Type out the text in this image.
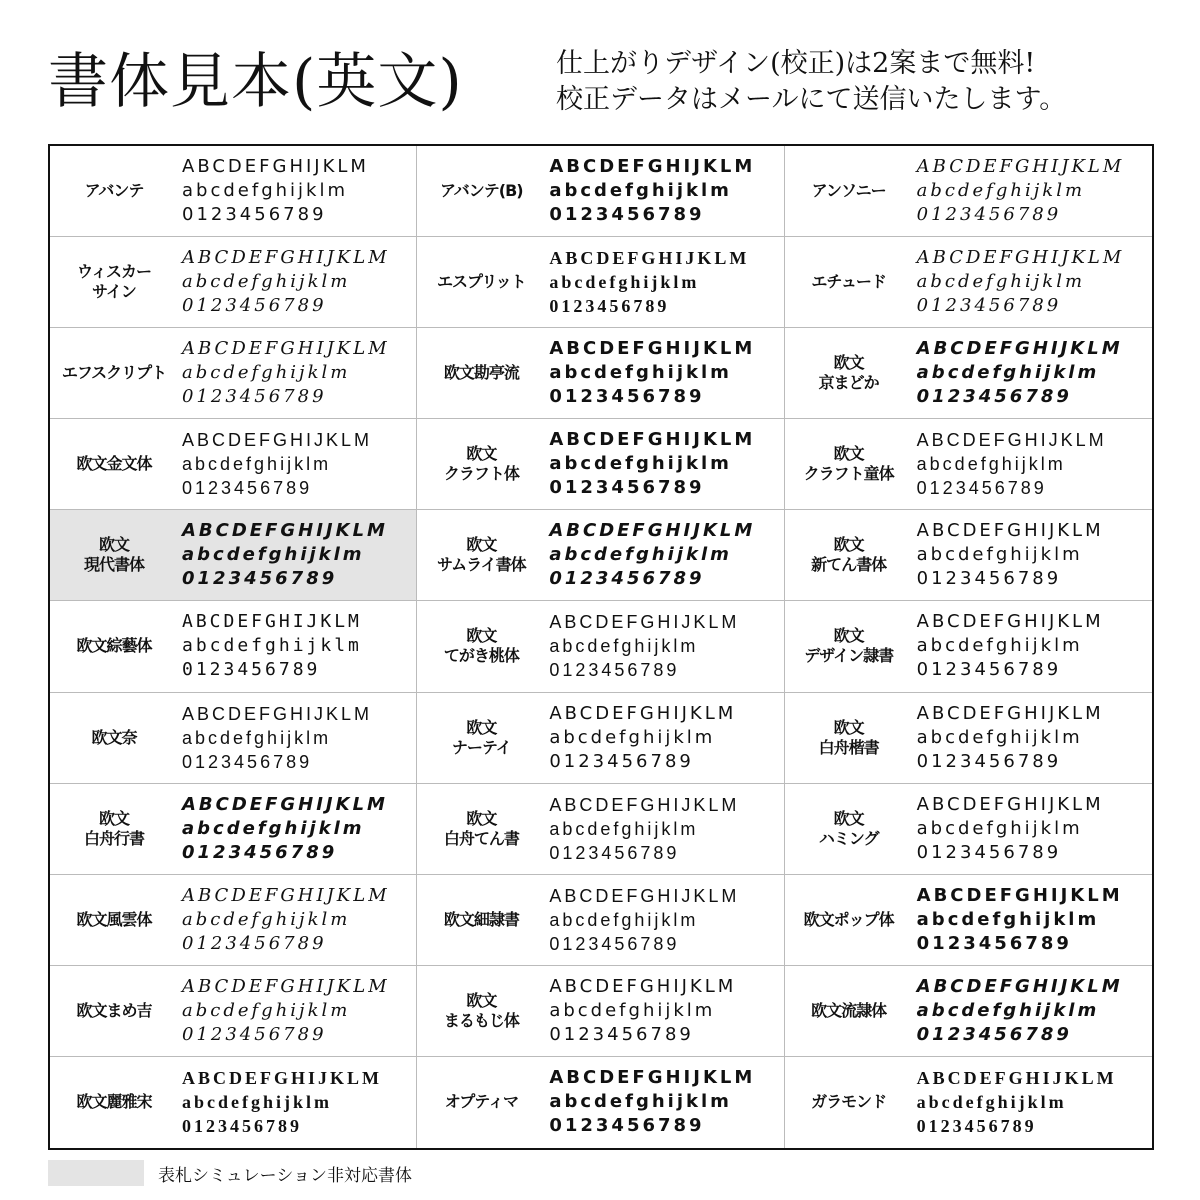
書体見本(英文)	仕上がりデザイン(校正)は2案まで無料!
校正データはメールにて送信いたします。
アバンテ
ABCDEFGHIJKLM
abcdefghijklm
0123456789
アバンテ(B)
ABCDEFGHIJKLM
abcdefghijklm
0123456789
アンソニー
ABCDEFGHIJKLM
abcdefghijklm
0123456789
ウィスカー
サイン
ABCDEFGHIJKLM
abcdefghijklm
0123456789
エスプリット
ABCDEFGHIJKLM
abcdefghijklm
0123456789
エチュード
ABCDEFGHIJKLM
abcdefghijklm
0123456789
エフスクリプト
ABCDEFGHIJKLM
abcdefghijklm
0123456789
欧文勘亭流
ABCDEFGHIJKLM
abcdefghijklm
0123456789
欧文
京まどか
ABCDEFGHIJKLM
abcdefghijklm
0123456789
欧文金文体
ABCDEFGHIJKLM
abcdefghijklm
0123456789
欧文
クラフト体
ABCDEFGHIJKLM
abcdefghijklm
0123456789
欧文
クラフト童体
ABCDEFGHIJKLM
abcdefghijklm
0123456789
欧文
現代書体
ABCDEFGHIJKLM
abcdefghijklm
0123456789
欧文
サムライ書体
ABCDEFGHIJKLM
abcdefghijklm
0123456789
欧文
新てん書体
ABCDEFGHIJKLM
abcdefghijklm
0123456789
欧文綜藝体
ABCDEFGHIJKLM
abcdefghijklm
0123456789
欧文
てがき桃体
ABCDEFGHIJKLM
abcdefghijklm
0123456789
欧文
デザイン隷書
ABCDEFGHIJKLM
abcdefghijklm
0123456789
欧文奈
ABCDEFGHIJKLM
abcdefghijklm
0123456789
欧文
ナーテイ
ABCDEFGHIJKLM
abcdefghijklm
0123456789
欧文
白舟楷書
ABCDEFGHIJKLM
abcdefghijklm
0123456789
欧文
白舟行書
ABCDEFGHIJKLM
abcdefghijklm
0123456789
欧文
白舟てん書
ABCDEFGHIJKLM
abcdefghijklm
0123456789
欧文
ハミング
ABCDEFGHIJKLM
abcdefghijklm
0123456789
欧文風雲体
ABCDEFGHIJKLM
abcdefghijklm
0123456789
欧文細隷書
ABCDEFGHIJKLM
abcdefghijklm
0123456789
欧文ポップ体
ABCDEFGHIJKLM
abcdefghijklm
0123456789
欧文まめ吉
ABCDEFGHIJKLM
abcdefghijklm
0123456789
欧文
まるもじ体
ABCDEFGHIJKLM
abcdefghijklm
0123456789
欧文流隷体
ABCDEFGHIJKLM
abcdefghijklm
0123456789
欧文麗雅宋
ABCDEFGHIJKLM
abcdefghijklm
0123456789
オプティマ
ABCDEFGHIJKLM
abcdefghijklm
0123456789
ガラモンド
ABCDEFGHIJKLM
abcdefghijklm
0123456789
表札シミュレーション非対応書体
